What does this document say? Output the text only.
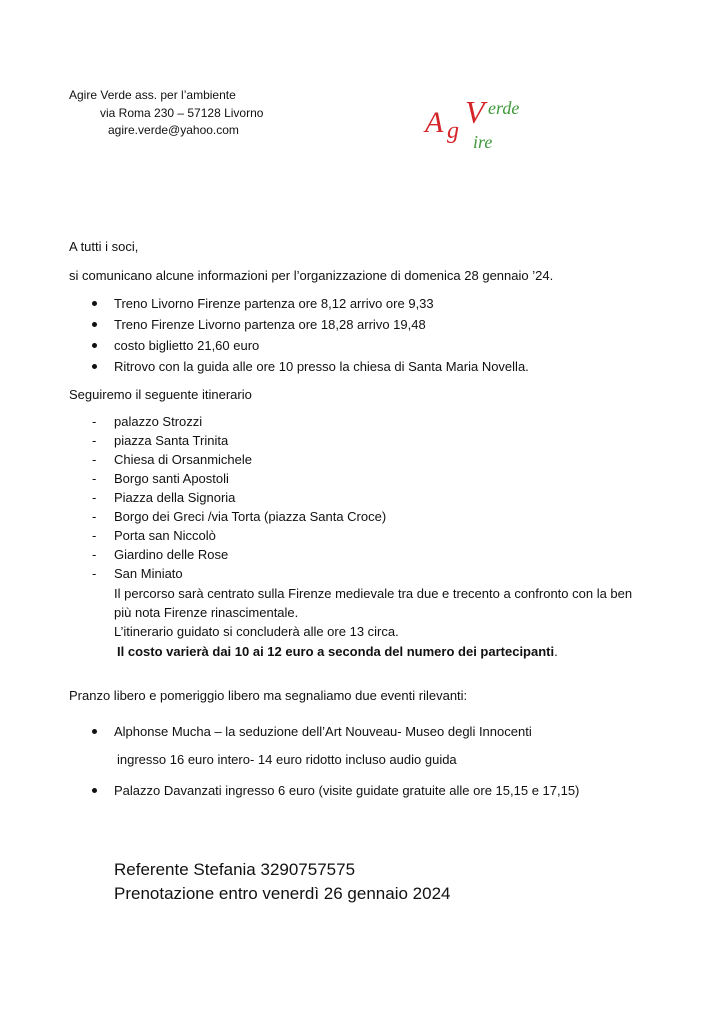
Agire Verde ass. per l’ambiente
via Roma 230 – 57128 Livorno
agire.verde@yahoo.com	A g
V erde
ire
A tutti i soci,
si comunicano alcune informazioni per l’organizzazione di domenica 28 gennaio ’24.
Treno Livorno Firenze partenza ore 8,12 arrivo ore 9,33
Treno Firenze Livorno partenza ore 18,28 arrivo 19,48
costo biglietto 21,60 euro
Ritrovo con la guida alle ore 10 presso la chiesa di Santa Maria Novella.
Seguiremo il seguente itinerario
- palazzo Strozzi
- piazza Santa Trinita
- Chiesa di Orsanmichele
- Borgo santi Apostoli
- Piazza della Signoria
- Borgo dei Greci /via Torta (piazza Santa Croce)
- Porta san Niccolò
- Giardino delle Rose
- San Miniato
Il percorso sarà centrato sulla Firenze medievale tra due e trecento a confronto con la ben
più nota Firenze rinascimentale.
L’itinerario guidato si concluderà alle ore 13 circa.
Il costo varierà dai 10 ai 12 euro a seconda del numero dei partecipanti.
Pranzo libero e pomeriggio libero ma segnaliamo due eventi rilevanti:
Alphonse Mucha – la seduzione dell’Art Nouveau- Museo degli Innocenti
ingresso 16 euro intero- 14 euro ridotto incluso audio guida
Palazzo Davanzati ingresso 6 euro (visite guidate gratuite alle ore 15,15 e 17,15)
Referente Stefania 3290757575
Prenotazione entro venerdì 26 gennaio 2024
